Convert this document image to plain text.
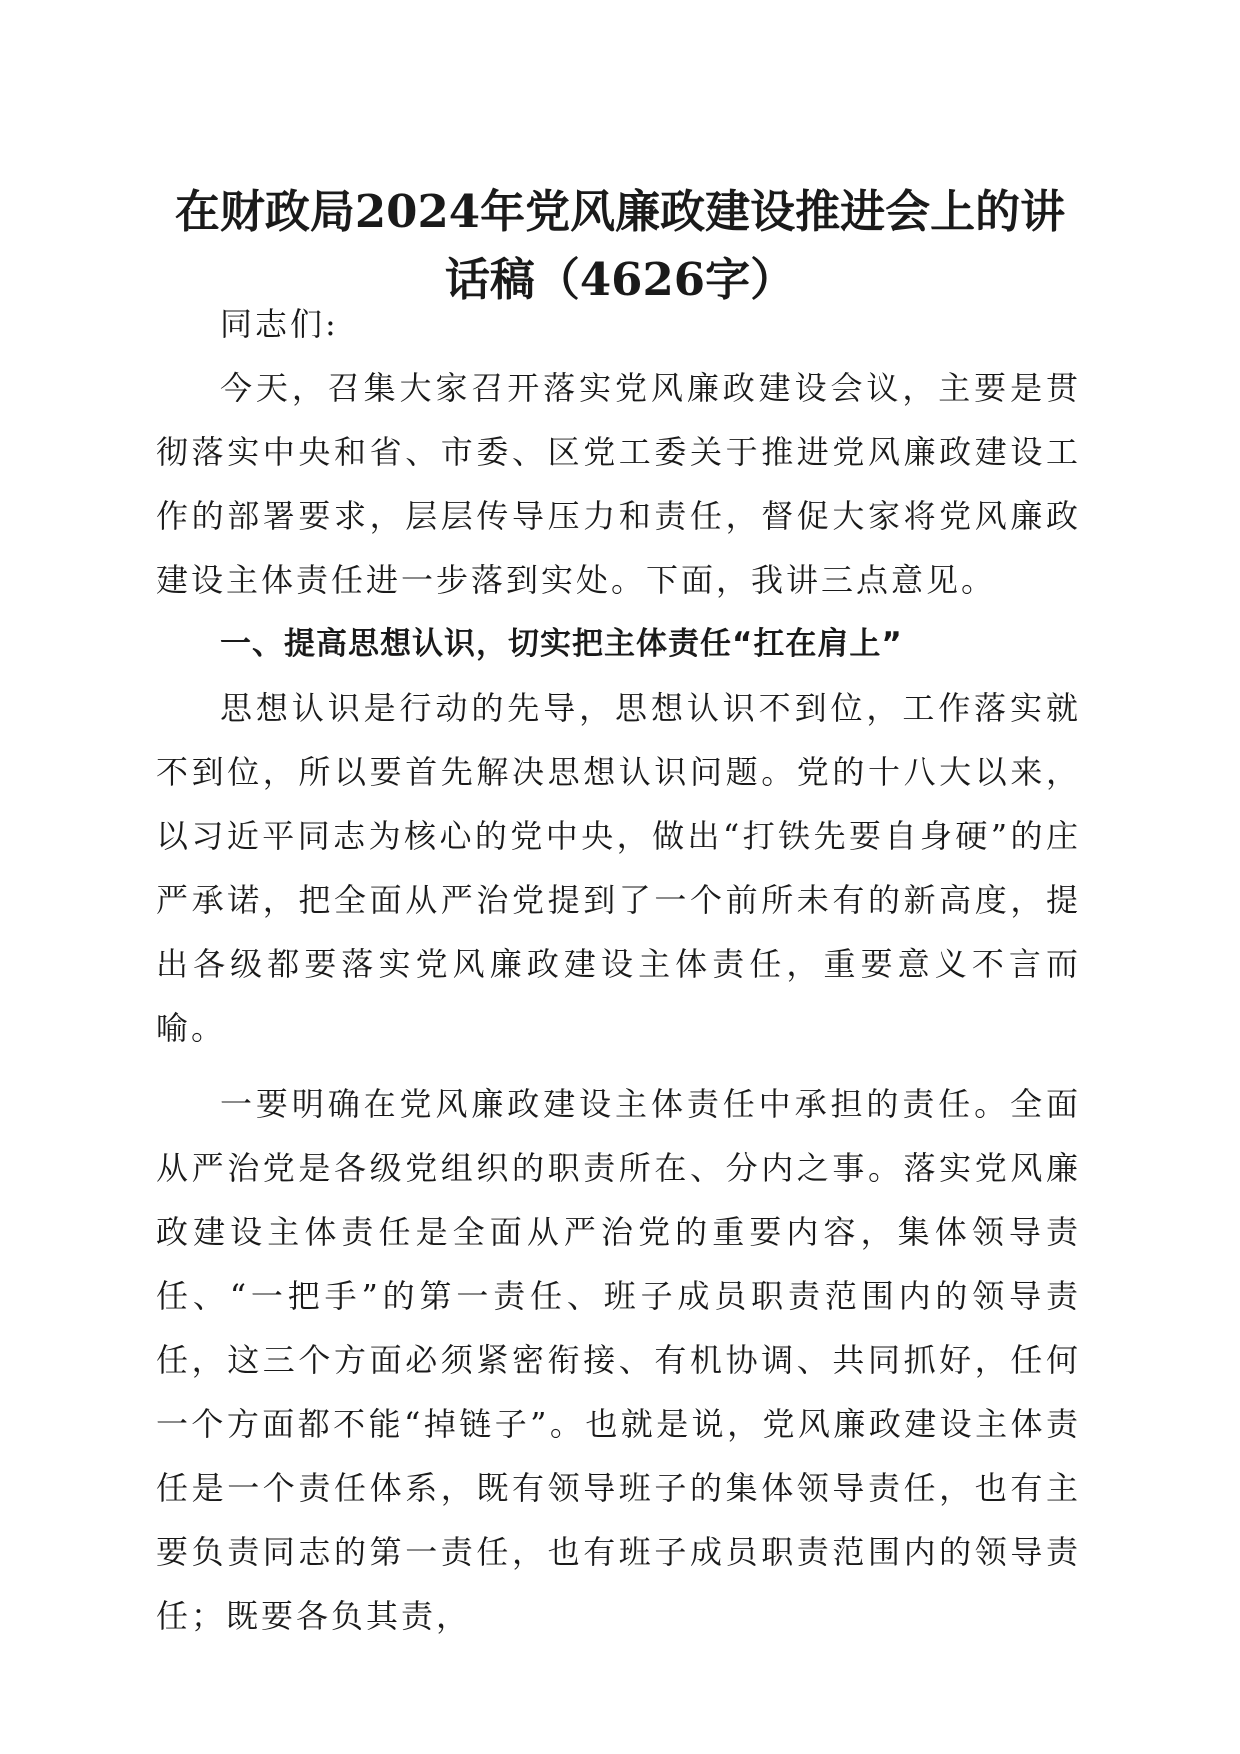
在财政局2024年党风廉政建设推进会上的讲
话稿（4626字）

同志们:

今天，召集大家召开落实党风廉政建设会议，主要是贯彻落实中央和省、市委、区党工委关于推进党风廉政建设工作的部署要求，层层传导压力和责任，督促大家将党风廉政建设主体责任进一步落到实处。下面，我讲三点意见。

一、提高思想认识，切实把主体责任“扛在肩上”

思想认识是行动的先导，思想认识不到位，工作落实就不到位，所以要首先解决思想认识问题。党的十八大以来，以习近平同志为核心的党中央，做出“打铁先要自身硬”的庄严承诺，把全面从严治党提到了一个前所未有的新高度，提出各级都要落实党风廉政建设主体责任，重要意义不言而喻。

一要明确在党风廉政建设主体责任中承担的责任。全面从严治党是各级党组织的职责所在、分内之事。落实党风廉政建设主体责任是全面从严治党的重要内容，集体领导责任、“一把手”的第一责任、班子成员职责范围内的领导责任，这三个方面必须紧密衔接、有机协调、共同抓好，任何一个方面都不能“掉链子”。也就是说，党风廉政建设主体责任是一个责任体系，既有领导班子的集体领导责任，也有主要负责同志的第一责任，也有班子成员职责范围内的领导责任；既要各负其责，
